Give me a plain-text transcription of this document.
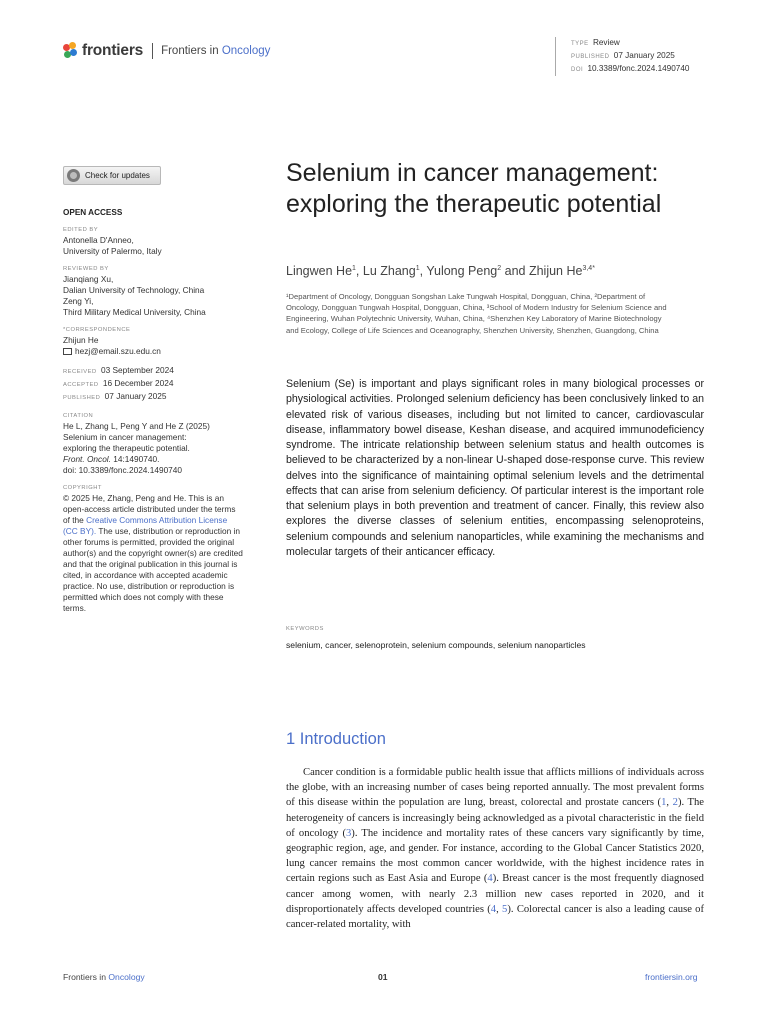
frontiers Frontiers in Oncology
TYPE Review
PUBLISHED 07 January 2025
DOI 10.3389/fonc.2024.1490740
Check for updates
OPEN ACCESS
EDITED BY

Antonella D'Anneo,

University of Palermo, Italy

REVIEWED BY

Jianqiang Xu,

Dalian University of Technology, China

Zeng Yi,

Third Military Medical University, China

*CORRESPONDENCE

Zhijun He

hezj@email.szu.edu.cn

RECEIVED 03 September 2024

ACCEPTED 16 December 2024

PUBLISHED 07 January 2025

CITATION

He L, Zhang L, Peng Y and He Z (2025)

Selenium in cancer management:

exploring the therapeutic potential.

Front. Oncol. 14:1490740.

doi: 10.3389/fonc.2024.1490740

COPYRIGHT

© 2025 He, Zhang, Peng and He. This is an open-access article distributed under the terms of the Creative Commons Attribution License (CC BY). The use, distribution or reproduction in other forums is permitted, provided the original author(s) and the copyright owner(s) are credited and that the original publication in this journal is cited, in accordance with accepted academic practice. No use, distribution or reproduction is permitted which does not comply with these terms.

Selenium in cancer management: exploring the therapeutic potential
Lingwen He$^1$, Lu Zhang$^1$, Yulong Peng$^2$ and Zhijun $He^{3,4*}$

¹Department of Oncology, Dongguan Songshan Lake Tungwah Hospital, Dongguan, China, ²Department of Oncology, Dongguan Tungwah Hospital, Dongguan, China, ³School of Modern Industry for Selenium Science and Engineering, Wuhan Polytechnic University, Wuhan, China, ⁴Shenzhen Key Laboratory of Marine Biotechnology and Ecology, College of Life Sciences and Oceanography, Shenzhen University, Shenzhen, Guangdong, China

Selenium (Se) is important and plays significant roles in many biological processes or physiological activities. Prolonged selenium deficiency has been conclusively linked to an elevated risk of various diseases, including but not limited to cancer, cardiovascular disease, inflammatory bowel disease, Keshan disease, and acquired immunodeficiency syndrome. The intricate relationship between selenium status and health outcomes is believed to be characterized by a non-linear U-shaped dose-response curve. This review delves into the significance of maintaining optimal selenium levels and the detrimental effects that can arise from selenium deficiency. Of particular interest is the important role that selenium plays in both prevention and treatment of cancer. Finally, this review also explores the diverse classes of selenium entities, encompassing selenoproteins, selenium compounds and selenium nanoparticles, while examining the mechanisms and molecular targets of their anticancer efficacy.

KEYWORDS
selenium, cancer, selenoprotein, selenium compounds, selenium nanoparticles
1 Introduction

Cancer condition is a formidable public health issue that afflicts millions of individuals across the globe, with an increasing number of cases being reported annually. The most prevalent forms of this disease within the population are lung, breast, colorectal and prostate cancers (1, 2). The heterogeneity of cancers is increasingly being acknowledged as a pivotal characteristic in the field of oncology (3). The incidence and mortality rates of these cancers vary significantly by time, geographic region, age, and gender. For instance, according to the Global Cancer Statistics 2020, lung cancer remains the most common cancer worldwide, with the highest incidence rates in certain regions such as East Asia and Europe (4). Breast cancer is the most frequently diagnosed cancer among women, with nearly 2.3 million new cases reported in 2020, and it disproportionately affects developed countries (4, 5). Colorectal cancer is also a leading cause of cancer-related mortality, with

Frontiers in Oncology	01	frontiersin.org
